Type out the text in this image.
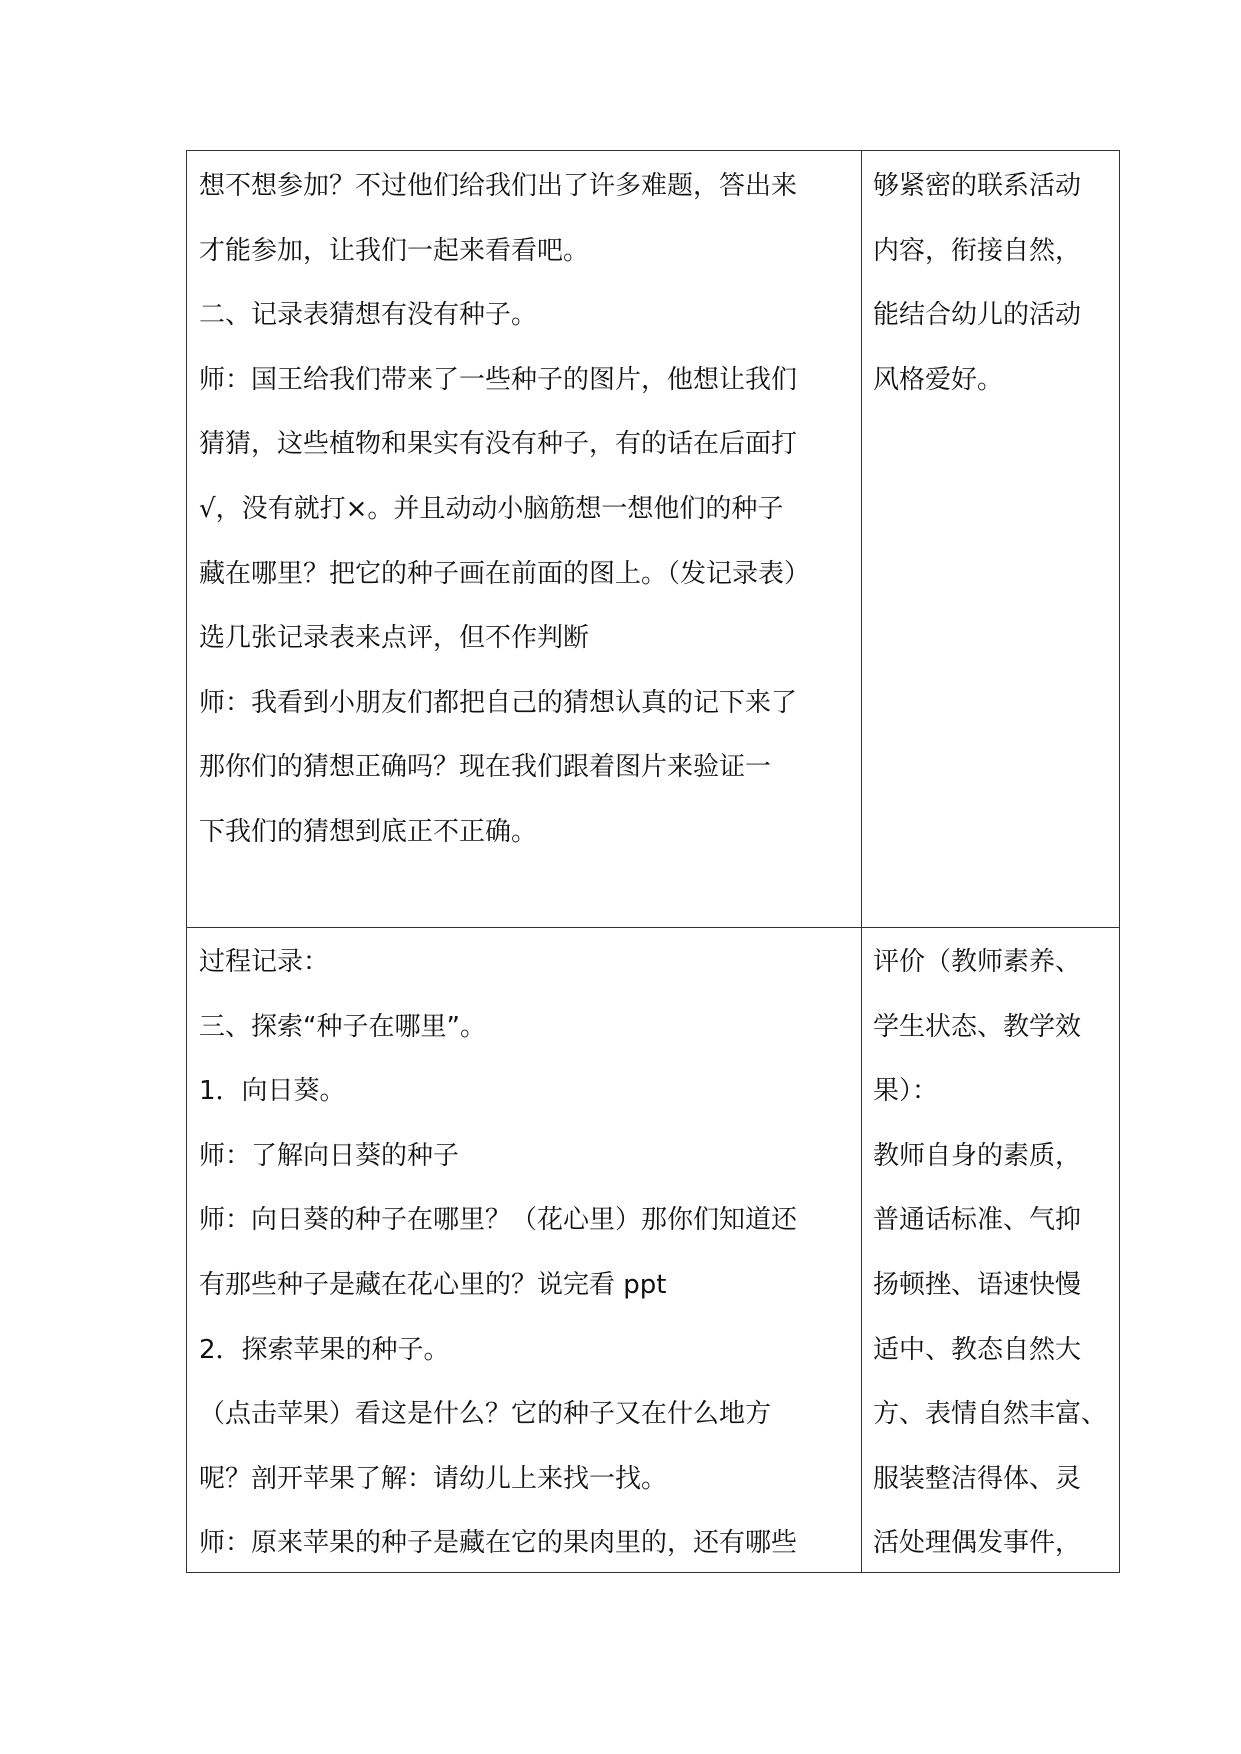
想不想参加？不过他们给我们出了许多难题，答出来
才能参加，让我们一起来看看吧。
二、记录表猜想有没有种子。
师：国王给我们带来了一些种子的图片，他想让我们
猜猜，这些植物和果实有没有种子，有的话在后面打
√，没有就打×。并且动动小脑筋想一想他们的种子
藏在哪里？把它的种子画在前面的图上。（发记录表）
选几张记录表来点评，但不作判断
师：我看到小朋友们都把自己的猜想认真的记下来了
那你们的猜想正确吗？现在我们跟着图片来验证一
下我们的猜想到底正不正确。
够紧密的联系活动
内容，衔接自然，
能结合幼儿的活动
风格爱好。
过程记录：
三、探索“种子在哪里”。
1．向日葵。
师：了解向日葵的种子
师：向日葵的种子在哪里？（花心里）那你们知道还
有那些种子是藏在花心里的？说完看 ppt
2．探索苹果的种子。
（点击苹果）看这是什么？它的种子又在什么地方
呢？剖开苹果了解：请幼儿上来找一找。
师：原来苹果的种子是藏在它的果肉里的，还有哪些
评价（教师素养、
学生状态、教学效
果）：
教师自身的素质，
普通话标准、气抑
扬顿挫、语速快慢
适中、教态自然大
方、表情自然丰富、
服装整洁得体、灵
活处理偶发事件，
